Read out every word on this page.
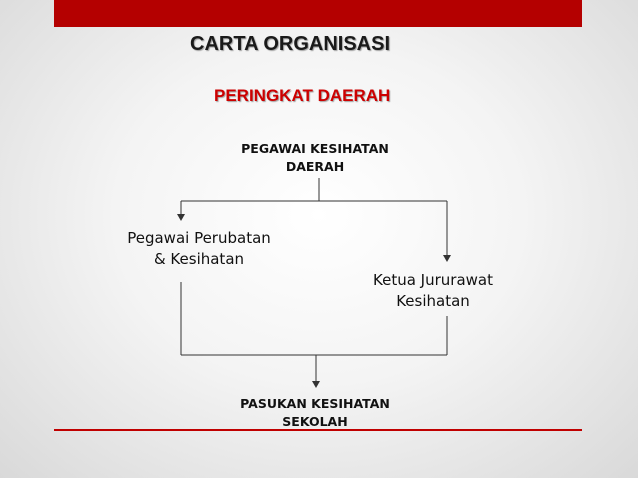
CARTA ORGANISASI
PERINGKAT DAERAH
PEGAWAI KESIHATAN
DAERAH
Pegawai Perubatan
& Kesihatan
Ketua Jururawat
Kesihatan
PASUKAN KESIHATAN
SEKOLAH
